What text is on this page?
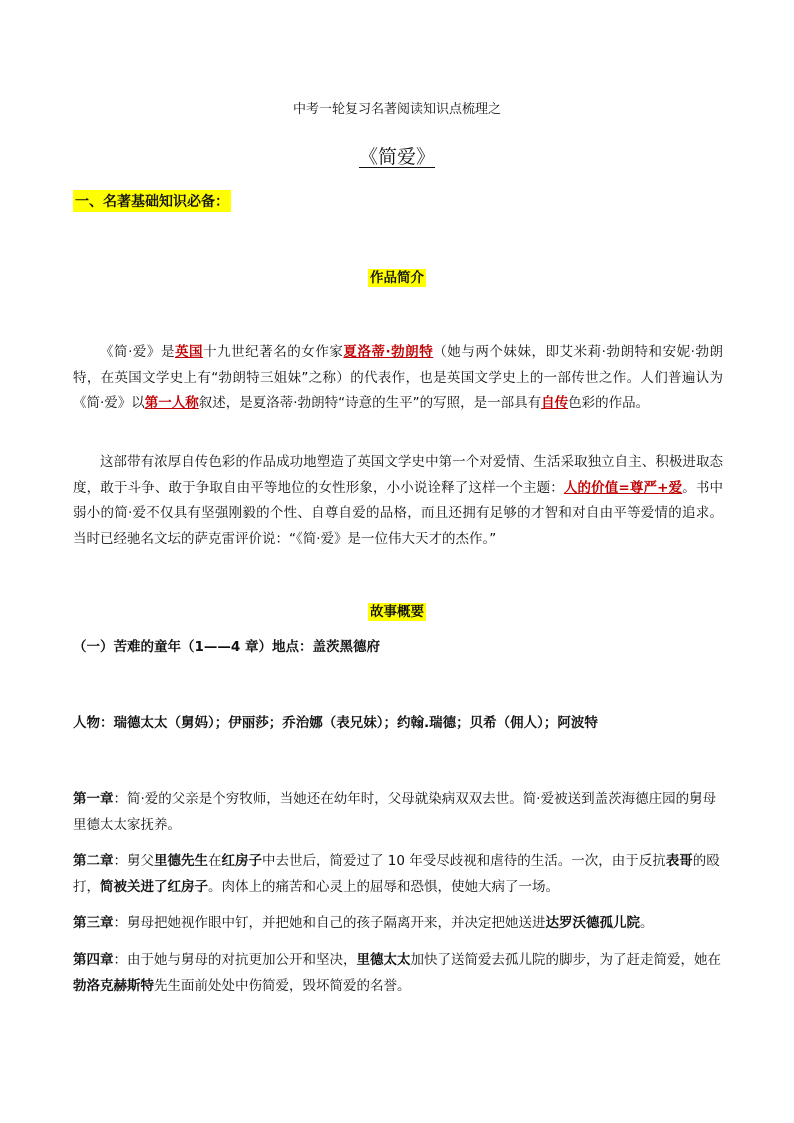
中考一轮复习名著阅读知识点梳理之
《简爱》
一、名著基础知识必备：
作品简介
《简·爱》是英国十九世纪著名的女作家夏洛蒂·勃朗特（她与两个妹妹，即艾米莉·勃朗特和安妮·勃朗特，在英国文学史上有“勃朗特三姐妹”之称）的代表作，也是英国文学史上的一部传世之作。人们普遍认为《简·爱》以第一人称叙述，是夏洛蒂·勃朗特“诗意的生平”的写照，是一部具有自传色彩的作品。
这部带有浓厚自传色彩的作品成功地塑造了英国文学史中第一个对爱情、生活采取独立自主、积极进取态度，敢于斗争、敢于争取自由平等地位的女性形象，小小说诠释了这样一个主题：人的价值=尊严+爱。书中弱小的简·爱不仅具有坚强刚毅的个性、自尊自爱的品格，而且还拥有足够的才智和对自由平等爱情的追求。当时已经驰名文坛的萨克雷评价说：“《简·爱》是一位伟大天才的杰作。”
故事概要
（一）苦难的童年（1——4 章）地点：盖茨黑德府
人物：瑞德太太（舅妈）；伊丽莎；乔治娜（表兄妹）；约翰.瑞德；贝希（佣人）；阿波特
第一章：简·爱的父亲是个穷牧师，当她还在幼年时，父母就染病双双去世。简·爱被送到盖茨海德庄园的舅母里德太太家抚养。
第二章：舅父里德先生在红房子中去世后，简爱过了 10 年受尽歧视和虐待的生活。一次，由于反抗表哥的殴打，简被关进了红房子。肉体上的痛苦和心灵上的屈辱和恐惧，使她大病了一场。
第三章：舅母把她视作眼中钉，并把她和自己的孩子隔离开来，并决定把她送进达罗沃德孤儿院。
第四章：由于她与舅母的对抗更加公开和坚决，里德太太加快了送简爱去孤儿院的脚步，为了赶走简爱，她在勃洛克赫斯特先生面前处处中伤简爱，毁坏简爱的名誉。
